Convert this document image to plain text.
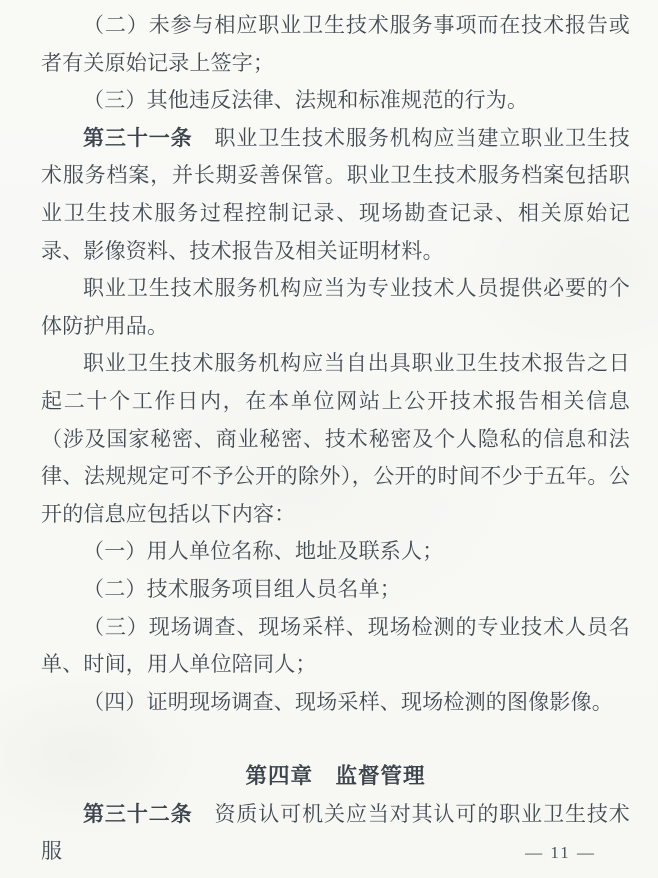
（二）未参与相应职业卫生技术服务事项而在技术报告或者有关原始记录上签字；

（三）其他违反法律、法规和标准规范的行为。

第三十一条　职业卫生技术服务机构应当建立职业卫生技术服务档案，并长期妥善保管。职业卫生技术服务档案包括职业卫生技术服务过程控制记录、现场勘查记录、相关原始记录、影像资料、技术报告及相关证明材料。

职业卫生技术服务机构应当为专业技术人员提供必要的个体防护用品。

职业卫生技术服务机构应当自出具职业卫生技术报告之日起二十个工作日内，在本单位网站上公开技术报告相关信息（涉及国家秘密、商业秘密、技术秘密及个人隐私的信息和法律、法规规定可不予公开的除外），公开的时间不少于五年。公开的信息应包括以下内容：

（一）用人单位名称、地址及联系人；

（二）技术服务项目组人员名单；

（三）现场调查、现场采样、现场检测的专业技术人员名单、时间，用人单位陪同人；

（四）证明现场调查、现场采样、现场检测的图像影像。

第四章　监督管理

第三十二条　资质认可机关应当对其认可的职业卫生技术服	— 11 —
